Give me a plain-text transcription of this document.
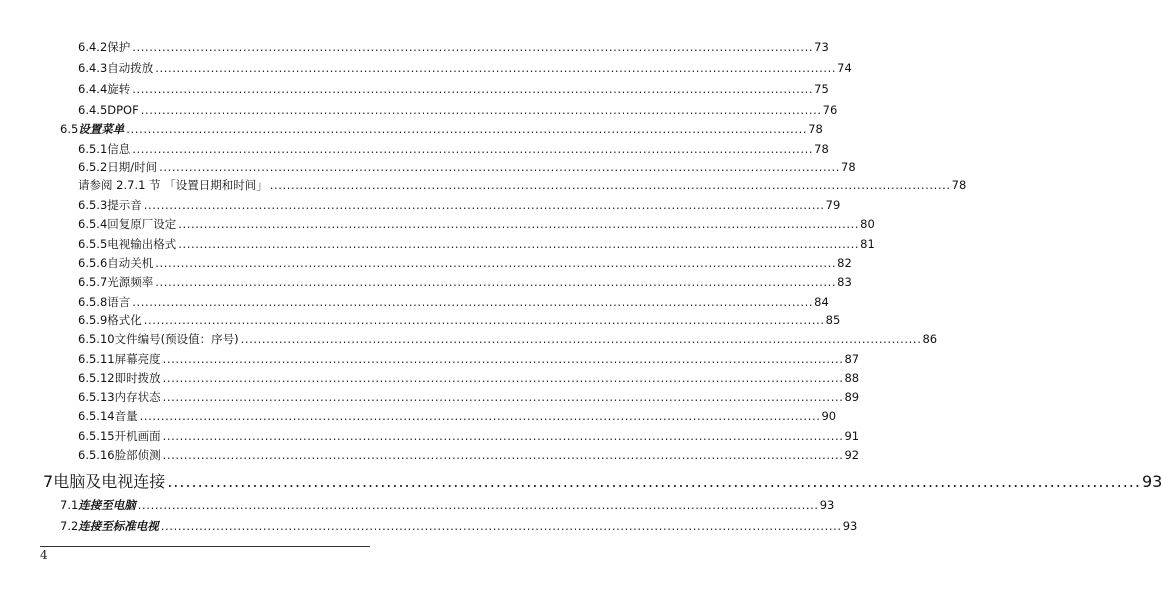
6.4.2 保护 ................................................................................................................................................................ 73
6.4.3 自动拨放 ................................................................................................................................................................ 74
6.4.4 旋转 ................................................................................................................................................................ 75
6.4.5 DPOF ................................................................................................................................................................ 76
6.5 设置菜单 ................................................................................................................................................................ 78
6.5.1 信息 ................................................................................................................................................................ 78
6.5.2 日期/时间 ................................................................................................................................................................ 78
请参阅 2.7.1 节 「设置日期和时间」 ................................................................................................................................................................ 78
6.5.3 提示音 ................................................................................................................................................................ 79
6.5.4 回复原厂设定 ................................................................................................................................................................ 80
6.5.5 电视输出格式 ................................................................................................................................................................ 81
6.5.6 自动关机 ................................................................................................................................................................ 82
6.5.7 光源频率 ................................................................................................................................................................ 83
6.5.8 语言 ................................................................................................................................................................ 84
6.5.9 格式化 ................................................................................................................................................................ 85
6.5.10 文件编号(预设值：序号) ................................................................................................................................................................ 86
6.5.11 屏幕亮度 ................................................................................................................................................................ 87
6.5.12 即时拨放 ................................................................................................................................................................ 88
6.5.13 内存状态 ................................................................................................................................................................ 89
6.5.14 音量 ................................................................................................................................................................ 90
6.5.15 开机画面 ................................................................................................................................................................ 91
6.5.16 脸部侦测 ................................................................................................................................................................ 92
7 电脑及电视连接 ................................................................................................................................................................ 93
7.1 连接至电脑 ................................................................................................................................................................ 93
7.2 连接至标准电视 ................................................................................................................................................................ 93
4
